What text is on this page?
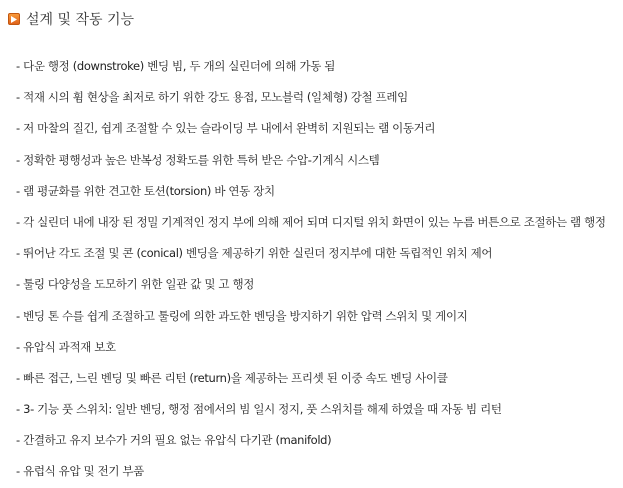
설계 및 작동 기능
- 다운 행정 (downstroke) 벤딩 빔, 두 개의 실린더에 의해 가동 됨
- 적재 시의 휨 현상을 최저로 하기 위한 강도 용접, 모노블럭 (일체형) 강철 프레임
- 저 마찰의 질긴, 쉽게 조절할 수 있는 슬라이딩 부 내에서 완벽히 지원되는 램 이동거리
- 정확한 평행성과 높은 반복성 정확도를 위한 특허 받은 수압-기계식 시스템
- 램 평균화를 위한 견고한 토션(torsion) 바 연동 장치
- 각 실린더 내에 내장 된 정밀 기계적인 정지 부에 의해 제어 되며 디지털 위치 화면이 있는 누름 버튼으로 조절하는 램 행정
- 뛰어난 각도 조절 및 콘 (conical) 벤딩을 제공하기 위한 실린더 정지부에 대한 독립적인 위치 제어
- 툴링 다양성을 도모하기 위한 일관 값 및 고 행정
- 벤딩 톤 수를 쉽게 조절하고 툴링에 의한 과도한 벤딩을 방지하기 위한 압력 스위치 및 게이지
- 유압식 과적재 보호
- 빠른 접근, 느린 벤딩 및 빠른 리턴 (return)을 제공하는 프리셋 된 이중 속도 벤딩 사이클
- 3- 기능 풋 스위치: 일반 벤딩, 행정 점에서의 빔 일시 정지, 풋 스위치를 해제 하였을 때 자동 빔 리턴
- 간결하고 유지 보수가 거의 필요 없는 유압식 다기관 (manifold)
- 유럽식 유압 및 전기 부품
